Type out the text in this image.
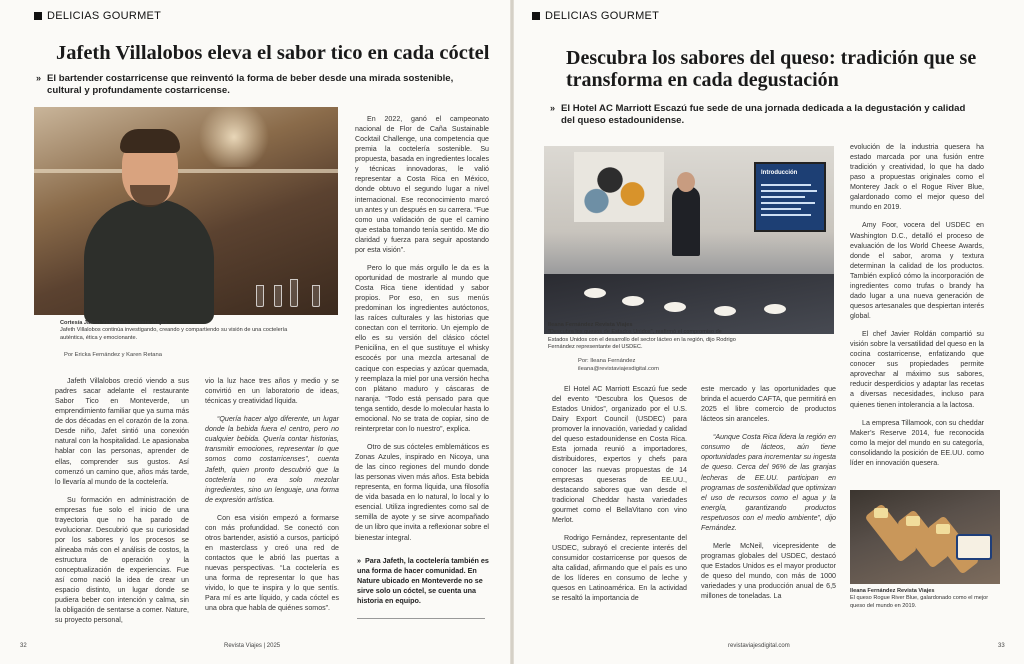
DELICIAS GOURMET
Jafeth Villalobos eleva el sabor tico en cada cóctel
» El bartender costarricense que reinventó la forma de beber desde una mirada sostenible, cultural y profundamente costarricense.
Cortesía Jafeth Villalobos Revista Viajes
Jafeth Villalobos continúa investigando, creando y compartiendo su visión de una coctelería auténtica, ética y emocionante.
Por Ericka Fernández y Karen Retana

Jafeth Villalobos creció viendo a sus padres sacar adelante el restaurante Sabor Tico en Monteverde, un emprendimiento familiar que ya suma más de dos décadas en el corazón de la zona. Desde niño, Jafet sintió una conexión natural con la hospitalidad. Le apasionaba hablar con las personas, aprender de ellas, comprender sus gustos. Así comenzó un camino que, años más tarde, lo llevaría al mundo de la coctelería.

Su formación en administración de empresas fue solo el inicio de una trayectoria que no ha parado de evolucionar. Descubrió que su curiosidad por los sabores y los procesos se alineaba más con el análisis de costos, la estructura de operación y la conceptualización de experiencias. Fue así como nació la idea de crear un espacio distinto, un lugar donde se pudiera beber con intención y calma, sin la obligación de sentarse a comer. Nature, su proyecto personal,

vio la luz hace tres años y medio y se convirtió en un laboratorio de ideas, técnicas y creatividad líquida.

“Quería hacer algo diferente, un lugar donde la bebida fuera el centro, pero no cualquier bebida. Quería contar historias, transmitir emociones, representar lo que somos como costarricenses”, cuenta Jafeth, quien pronto descubrió que la coctelería no era solo mezclar ingredientes, sino un lenguaje, una forma de expresión artística.

Con esa visión empezó a formarse con más profundidad. Se conectó con otros bartender, asistió a cursos, participó en masterclass y creó una red de contactos que le abrió las puertas a nuevas perspectivas. “La coctelería es una forma de representar lo que has vivido, lo que te inspira y lo que sentís. Para mí es arte líquido, y cada cóctel es una obra que habla de quiénes somos”.

En 2022, ganó el campeonato nacional de Flor de Caña Sustainable Cocktail Challenge, una competencia que premia la coctelería sostenible. Su propuesta, basada en ingredientes locales y técnicas innovadoras, le valió representar a Costa Rica en México, donde obtuvo el segundo lugar a nivel internacional. Ese reconocimiento marcó un antes y un después en su carrera. “Fue como una validación de que el camino que estaba tomando tenía sentido. Me dio claridad y fuerza para seguir apostando por esta visión”.

Pero lo que más orgullo le da es la oportunidad de mostrarle al mundo que Costa Rica tiene identidad y sabor propios. Por eso, en sus menús predominan los ingredientes autóctonos, las raíces culturales y las historias que conectan con el territorio. Un ejemplo de ello es su versión del clásico cóctel Penicilina, en el que sustituye el whisky escocés por una mezcla artesanal de cacique con especias y azúcar quemada, y reemplaza la miel por una versión hecha con plátano maduro y cáscaras de naranja. “Todo está pensado para que tenga sentido, desde lo molecular hasta lo emocional. No se trata de copiar, sino de reinterpretar con lo nuestro”, explica.

Otro de sus cócteles emblemáticos es Zonas Azules, inspirado en Nicoya, una de las cinco regiones del mundo donde las personas viven más años. Esta bebida representa, en forma líquida, una filosofía de vida basada en lo natural, lo local y lo esencial. Utiliza ingredientes como sal de semilla de ayote y se sirve acompañado de un libro que invita a reflexionar sobre el bienestar integral.

» Para Jafeth, la coctelería también es una forma de hacer comunidad. En Nature ubicado en Monteverde no se sirve solo un cóctel, se cuenta una historia en equipo.
32	Revista Viajes | 2025
DELICIAS GOURMET
Descubra los sabores del queso: tradición que se transforma en cada degustación
» El Hotel AC Marriott Escazú fue sede de una jornada dedicada a la degustación y calidad del queso estadounidense.
Introducción
Ileana Fernández Revista Viajes
“Descubra los quesos de Estados Unidos”, reafirmó el compromiso de Estados Unidos con el desarrollo del sector lácteo en la región, dijo Rodrigo Fernández representante del USDEC.
Por: Ileana Fernández
ileana@revistaviajesdigital.com

El Hotel AC Marriott Escazú fue sede del evento “Descubra los Quesos de Estados Unidos”, organizado por el U.S. Dairy Export Council (USDEC) para promover la innovación, variedad y calidad del queso estadounidense en Costa Rica. Esta jornada reunió a importadores, distribuidores, expertos y chefs para conocer las nuevas propuestas de 14 empresas queseras de EE.UU., destacando sabores que van desde el tradicional Cheddar hasta variedades gourmet como el BellaVitano con vino Merlot.

Rodrigo Fernández, representante del USDEC, subrayó el creciente interés del consumidor costarricense por quesos de alta calidad, afirmando que el país es uno de los líderes en consumo de leche y quesos en Latinoamérica. En la actividad se resaltó la importancia de

este mercado y las oportunidades que brinda el acuerdo CAFTA, que permitirá en 2025 el libre comercio de productos lácteos sin aranceles.

“Aunque Costa Rica lidera la región en consumo de lácteos, aún tiene oportunidades para incrementar su ingesta de queso. Cerca del 96% de las granjas lecheras de EE.UU. participan en programas de sostenibilidad que optimizan el uso de recursos como el agua y la energía, garantizando productos respetuosos con el medio ambiente”, dijo Fernández.

Merle McNeil, vicepresidente de programas globales del USDEC, destacó que Estados Unidos es el mayor productor de queso del mundo, con más de 1000 variedades y una producción anual de 6,5 millones de toneladas. La

evolución de la industria quesera ha estado marcada por una fusión entre tradición y creatividad, lo que ha dado paso a propuestas originales como el Monterey Jack o el Rogue River Blue, galardonado como el mejor queso del mundo en 2019.

Amy Foor, vocera del USDEC en Washington D.C., detalló el proceso de evaluación de los World Cheese Awards, donde el sabor, aroma y textura determinan la calidad de los productos. También explicó cómo la incorporación de ingredientes como trufas o brandy ha dado lugar a una nueva generación de quesos artesanales que despiertan interés global.

El chef Javier Roldán compartió su visión sobre la versatilidad del queso en la cocina costarricense, enfatizando que conocer sus propiedades permite aprovechar al máximo sus sabores, reducir desperdicios y adaptar las recetas a diversas necesidades, incluso para quienes tienen intolerancia a la lactosa.

La empresa Tillamook, con su cheddar Maker’s Reserve 2014, fue reconocida como la mejor del mundo en su categoría, consolidando la posición de EE.UU. como líder en innovación quesera.

Ileana Fernández Revista Viajes
El queso Rogue River Blue, galardonado como el mejor queso del mundo en 2019.
revistaviajesdigital.com	33
